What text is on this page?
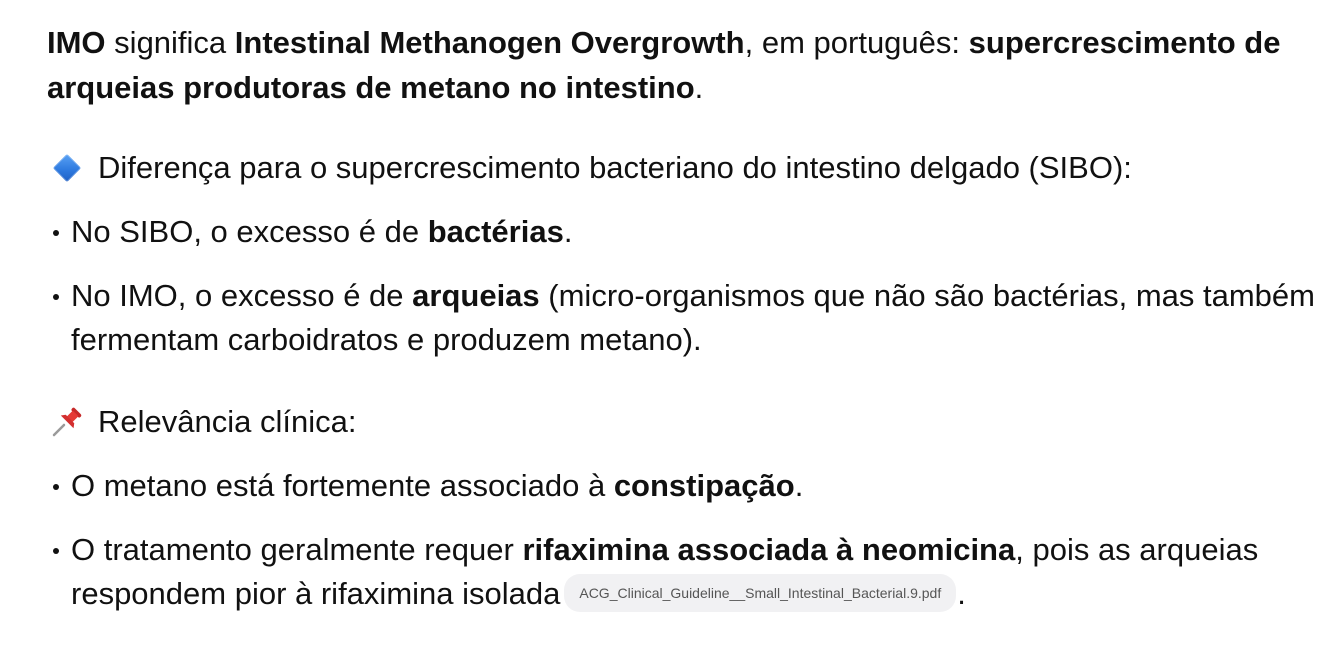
IMO significa Intestinal Methanogen Overgrowth, em português: supercrescimento de arqueias produtoras de metano no intestino.

Diferença para o supercrescimento bacteriano do intestino delgado (SIBO):
No SIBO, o excesso é de bactérias.
No IMO, o excesso é de arqueias (micro-organismos que não são bactérias, mas também fermentam carboidratos e produzem metano).
Relevância clínica:
O metano está fortemente associado à constipação.
O tratamento geralmente requer rifaximina associada à neomicina, pois as arqueias respondem pior à rifaximina isolada ACG_Clinical_Guideline__Small_Intestinal_Bacterial.9.pdf .
